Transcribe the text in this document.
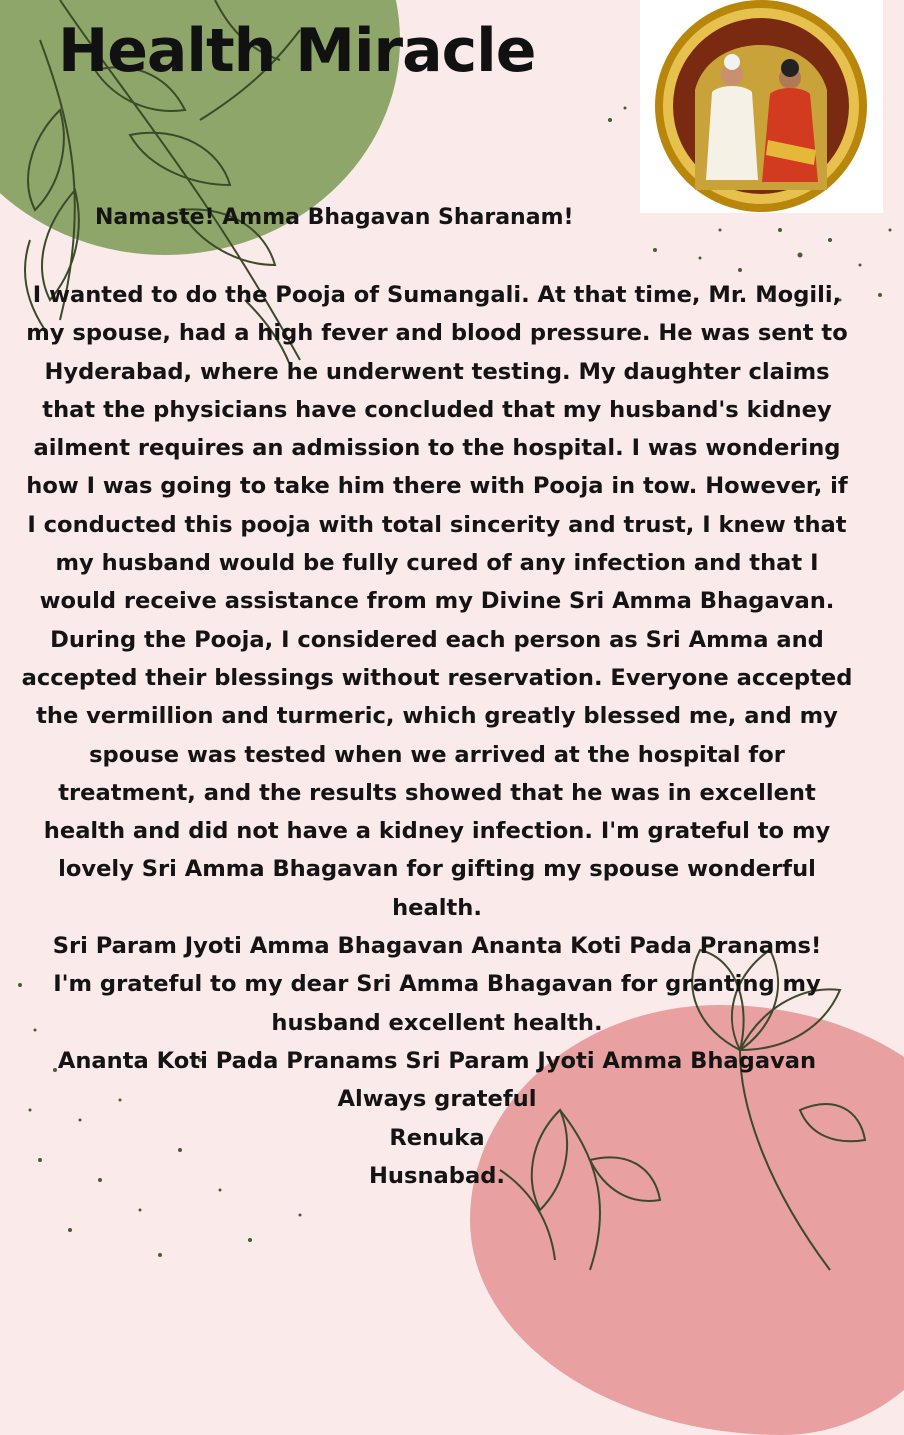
Health Miracle

Namaste! Amma Bhagavan Sharanam!

I wanted to do the Pooja of Sumangali. At that time, Mr. Mogili, my spouse, had a high fever and blood pressure. He was sent to Hyderabad, where he underwent testing. My daughter claims that the physicians have concluded that my husband's kidney ailment requires an admission to the hospital. I was wondering how I was going to take him there with Pooja in tow. However, if I conducted this pooja with total sincerity and trust, I knew that my husband would be fully cured of any infection and that I would receive assistance from my Divine Sri Amma Bhagavan. During the Pooja, I considered each person as Sri Amma and accepted their blessings without reservation. Everyone accepted the vermillion and turmeric, which greatly blessed me, and my spouse was tested when we arrived at the hospital for treatment, and the results showed that he was in excellent health and did not have a kidney infection. I'm grateful to my lovely Sri Amma Bhagavan for gifting my spouse wonderful health.

Sri Param Jyoti Amma Bhagavan Ananta Koti Pada Pranams!

I'm grateful to my dear Sri Amma Bhagavan for granting my husband excellent health.

Ananta Koti Pada Pranams Sri Param Jyoti Amma Bhagavan

Always grateful

Renuka

Husnabad.
